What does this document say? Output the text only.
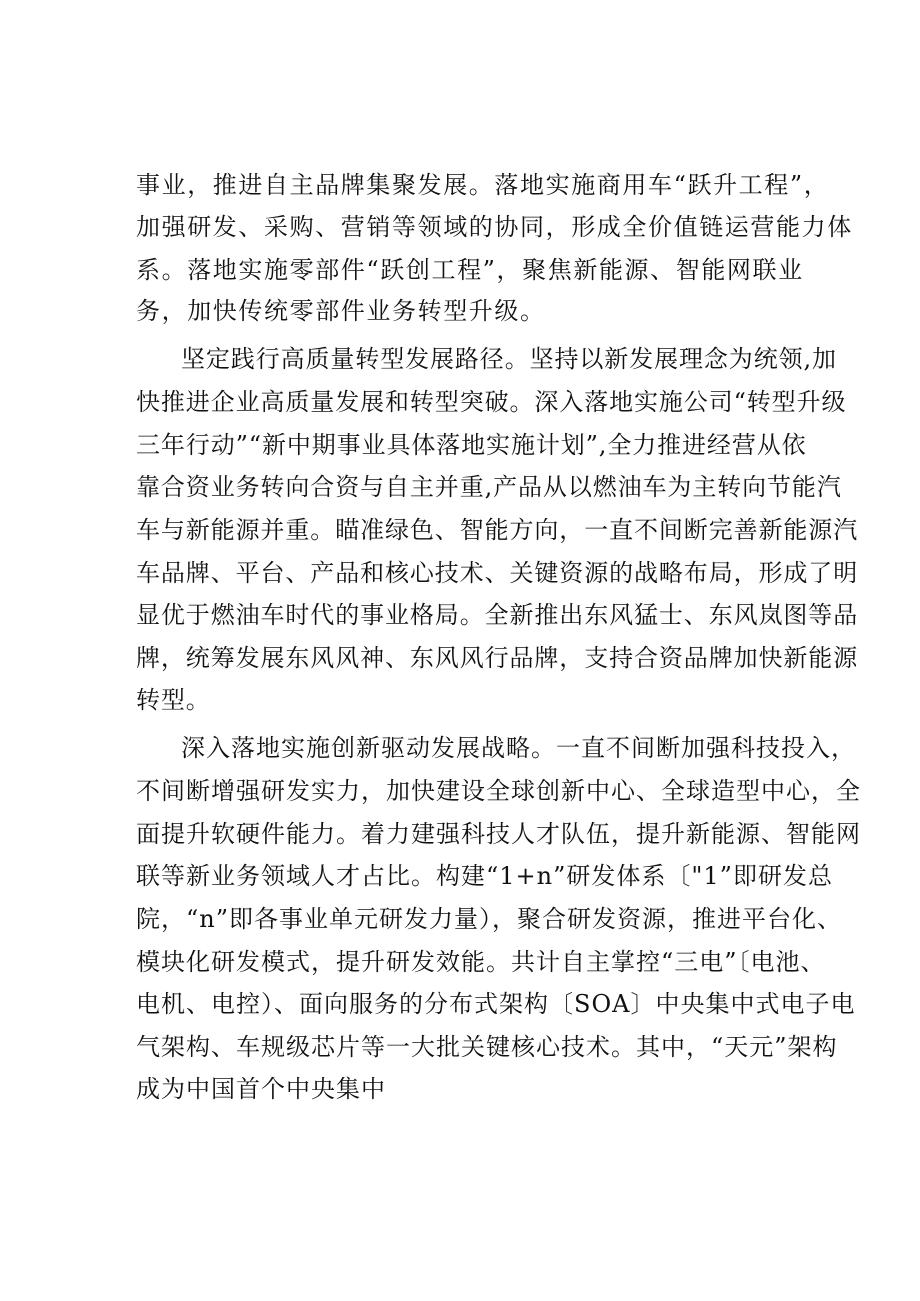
事业，推进自主品牌集聚发展。落地实施商用车“跃升工程”，
加强研发、采购、营销等领域的协同，形成全价值链运营能力体
系。落地实施零部件“跃创工程”，聚焦新能源、智能网联业
务，加快传统零部件业务转型升级。
坚定践行高质量转型发展路径。坚持以新发展理念为统领,加
快推进企业高质量发展和转型突破。深入落地实施公司“转型升级
三年行动”“新中期事业具体落地实施计划”,全力推进经营从依
靠合资业务转向合资与自主并重,产品从以燃油车为主转向节能汽
车与新能源并重。瞄准绿色、智能方向，一直不间断完善新能源汽
车品牌、平台、产品和核心技术、关键资源的战略布局，形成了明
显优于燃油车时代的事业格局。全新推出东风猛士、东风岚图等品
牌，统筹发展东风风神、东风风行品牌，支持合资品牌加快新能源
转型。
深入落地实施创新驱动发展战略。一直不间断加强科技投入，
不间断增强研发实力，加快建设全球创新中心、全球造型中心，全
面提升软硬件能力。着力建强科技人才队伍，提升新能源、智能网
联等新业务领域人才占比。构建“1+n”研发体系〔"1”即研发总
院，“n”即各事业单元研发力量），聚合研发资源，推进平台化、
模块化研发模式，提升研发效能。共计自主掌控“三电”〔电池、
电机、电控）、面向服务的分布式架构〔SOA〕中央集中式电子电
气架构、车规级芯片等一大批关键核心技术。其中，“天元”架构
成为中国首个中央集中
